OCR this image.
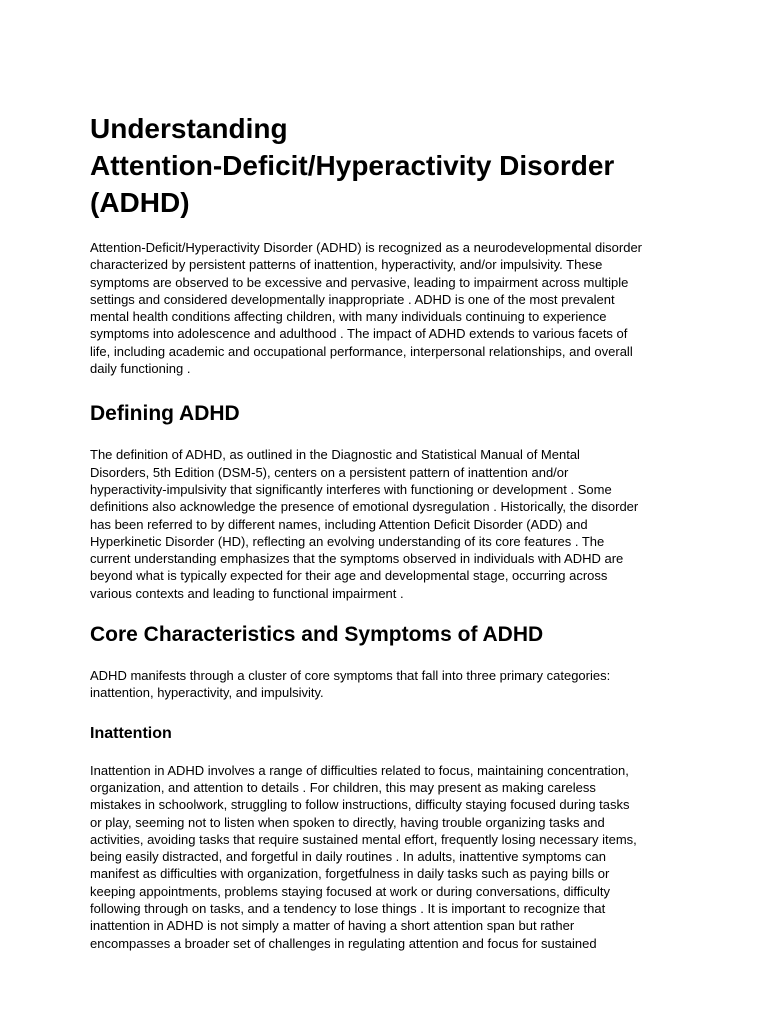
Understanding
Attention-Deficit/Hyperactivity Disorder
(ADHD)

Attention-Deficit/Hyperactivity Disorder (ADHD) is recognized as a neurodevelopmental disorder
characterized by persistent patterns of inattention, hyperactivity, and/or impulsivity. These
symptoms are observed to be excessive and pervasive, leading to impairment across multiple
settings and considered developmentally inappropriate . ADHD is one of the most prevalent
mental health conditions affecting children, with many individuals continuing to experience
symptoms into adolescence and adulthood . The impact of ADHD extends to various facets of
life, including academic and occupational performance, interpersonal relationships, and overall
daily functioning .

Defining ADHD

The definition of ADHD, as outlined in the Diagnostic and Statistical Manual of Mental
Disorders, 5th Edition (DSM-5), centers on a persistent pattern of inattention and/or
hyperactivity-impulsivity that significantly interferes with functioning or development . Some
definitions also acknowledge the presence of emotional dysregulation . Historically, the disorder
has been referred to by different names, including Attention Deficit Disorder (ADD) and
Hyperkinetic Disorder (HD), reflecting an evolving understanding of its core features . The
current understanding emphasizes that the symptoms observed in individuals with ADHD are
beyond what is typically expected for their age and developmental stage, occurring across
various contexts and leading to functional impairment .

Core Characteristics and Symptoms of ADHD

ADHD manifests through a cluster of core symptoms that fall into three primary categories:
inattention, hyperactivity, and impulsivity.

Inattention

Inattention in ADHD involves a range of difficulties related to focus, maintaining concentration,
organization, and attention to details . For children, this may present as making careless
mistakes in schoolwork, struggling to follow instructions, difficulty staying focused during tasks
or play, seeming not to listen when spoken to directly, having trouble organizing tasks and
activities, avoiding tasks that require sustained mental effort, frequently losing necessary items,
being easily distracted, and forgetful in daily routines . In adults, inattentive symptoms can
manifest as difficulties with organization, forgetfulness in daily tasks such as paying bills or
keeping appointments, problems staying focused at work or during conversations, difficulty
following through on tasks, and a tendency to lose things . It is important to recognize that
inattention in ADHD is not simply a matter of having a short attention span but rather
encompasses a broader set of challenges in regulating attention and focus for sustained
